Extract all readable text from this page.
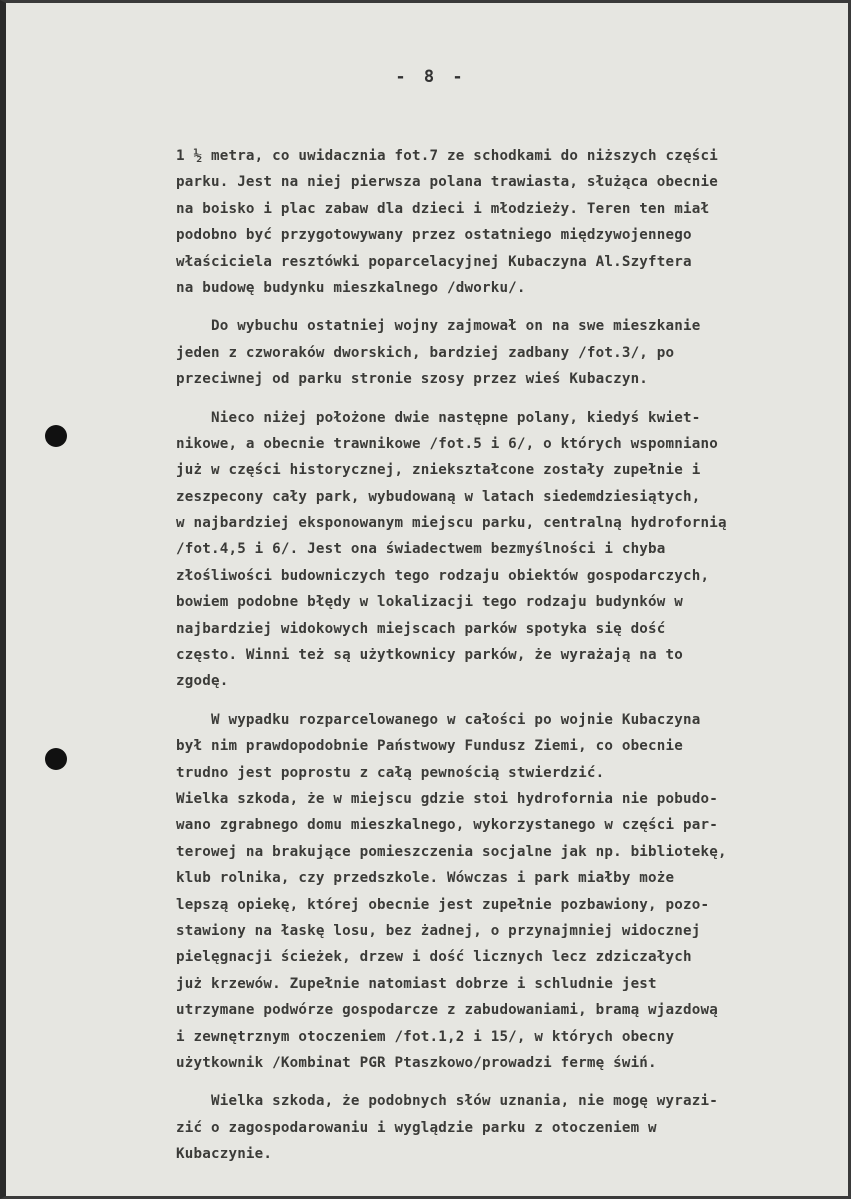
- 8 -
1 ½ metra, co uwidacznia fot.7 ze schodkami do niższych części
parku. Jest na niej pierwsza polana trawiasta, służąca obecnie
na boisko i plac zabaw dla dzieci i młodzieży. Teren ten miał
podobno być przygotowywany przez ostatniego międzywojennego
właściciela resztówki poparcelacyjnej Kubaczyna Al.Szyftera
na budowę budynku mieszkalnego /dworku/.
Do wybuchu ostatniej wojny zajmował on na swe mieszkanie
jeden z czworaków dworskich, bardziej zadbany /fot.3/, po
przeciwnej od parku stronie szosy przez wieś Kubaczyn.
Nieco niżej położone dwie następne polany, kiedyś kwiet-
nikowe, a obecnie trawnikowe /fot.5 i 6/, o których wspomniano
już w części historycznej, zniekształcone zostały zupełnie i
zeszpecony cały park, wybudowaną w latach siedemdziesiątych,
w najbardziej eksponowanym miejscu parku, centralną hydrofornią
/fot.4,5 i 6/. Jest ona świadectwem bezmyślności i chyba
złośliwości budowniczych tego rodzaju obiektów gospodarczych,
bowiem podobne błędy w lokalizacji tego rodzaju budynków w
najbardziej widokowych miejscach parków spotyka się dość
często. Winni też są użytkownicy parków, że wyrażają na to
zgodę.
W wypadku rozparcelowanego w całości po wojnie Kubaczyna
był nim prawdopodobnie Państwowy Fundusz Ziemi, co obecnie
trudno jest poprostu z całą pewnością stwierdzić.
Wielka szkoda, że w miejscu gdzie stoi hydrofornia nie pobudo-
wano zgrabnego domu mieszkalnego, wykorzystanego w części par-
terowej na brakujące pomieszczenia socjalne jak np. bibliotekę,
klub rolnika, czy przedszkole. Wówczas i park miałby może
lepszą opiekę, której obecnie jest zupełnie pozbawiony, pozo-
stawiony na łaskę losu, bez żadnej, o przynajmniej widocznej
pielęgnacji ścieżek, drzew i dość licznych lecz zdziczałych
już krzewów. Zupełnie natomiast dobrze i schludnie jest
utrzymane podwórze gospodarcze z zabudowaniami, bramą wjazdową
i zewnętrznym otoczeniem /fot.1,2 i 15/, w których obecny
użytkownik /Kombinat PGR Ptaszkowo/prowadzi fermę świń.
Wielka szkoda, że podobnych słów uznania, nie mogę wyrazi-
zić o zagospodarowaniu i wyglądzie parku z otoczeniem w
Kubaczynie.
